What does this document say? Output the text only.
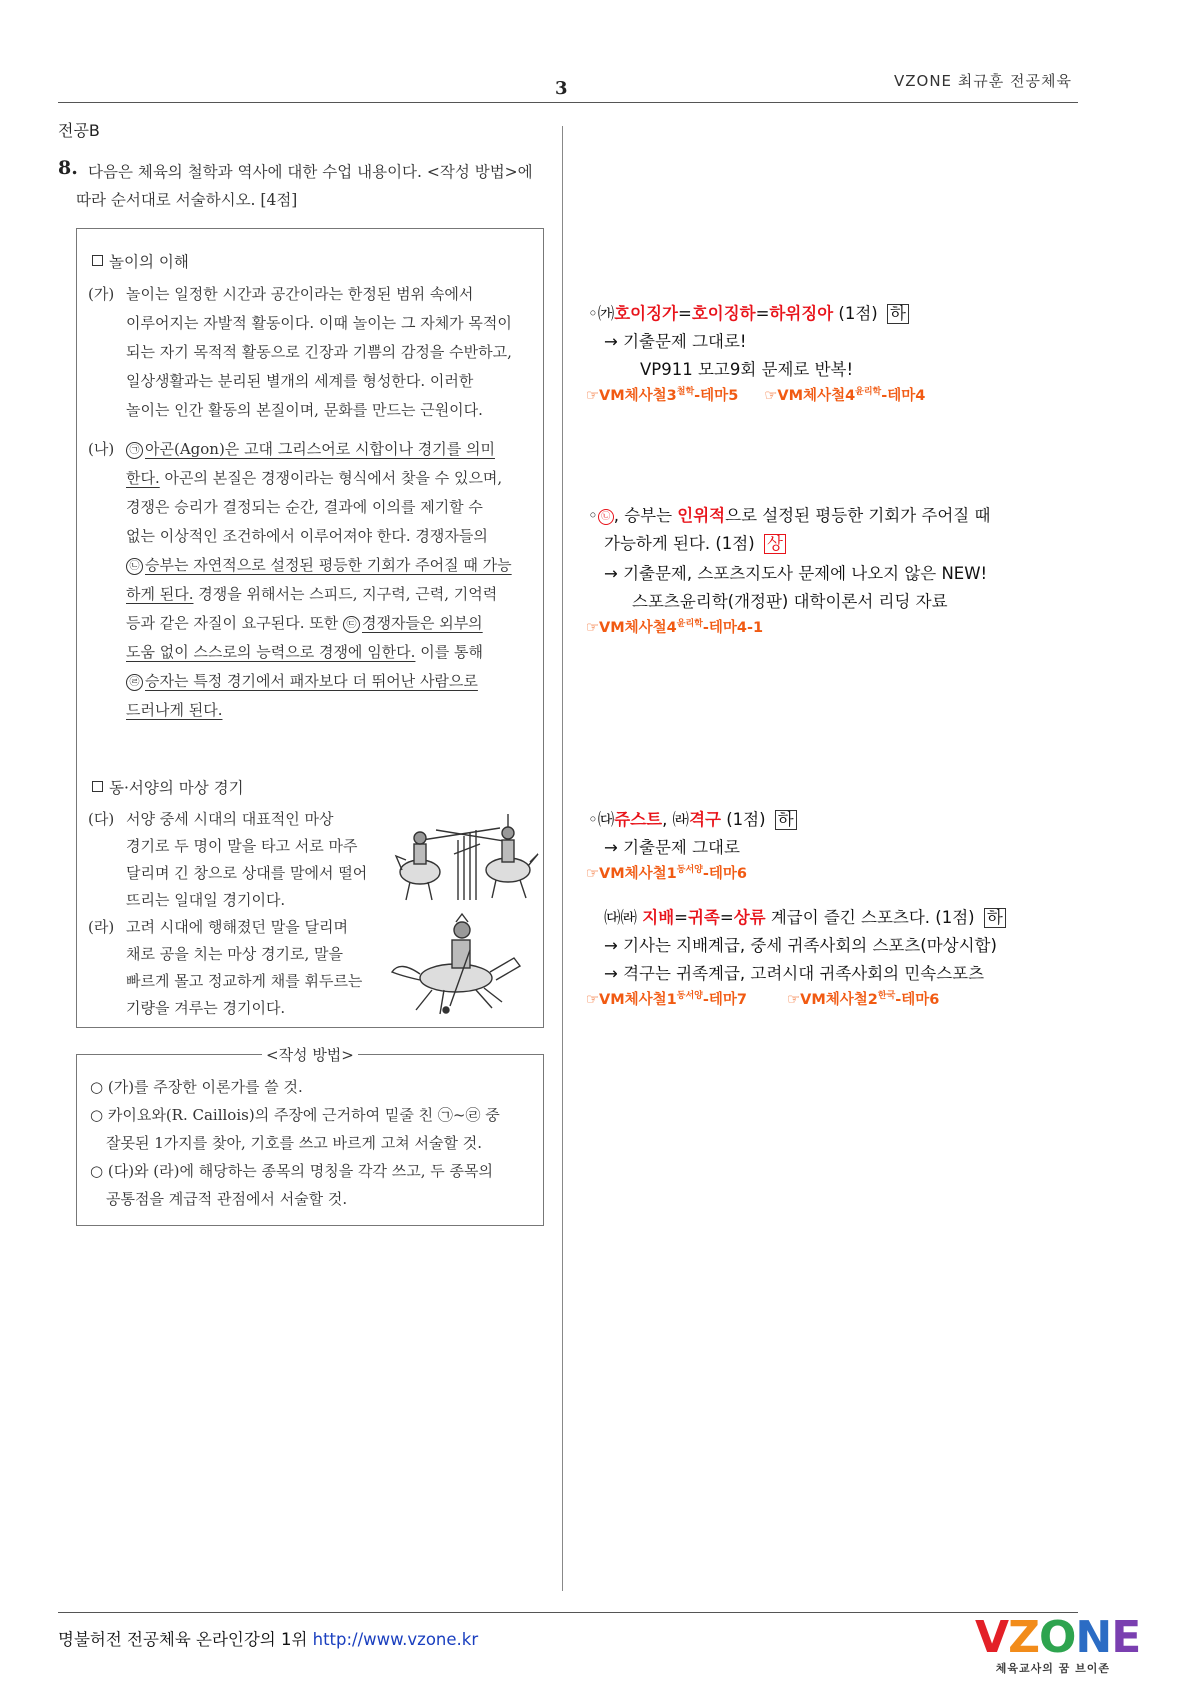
3	VZONE 최규훈 전공체육
전공B
8. 다음은 체육의 철학과 역사에 대한 수업 내용이다. <작성 방법>에
따라 순서대로 서술하시오. [4점]
놀이의 이해
(가) 놀이는 일정한 시간과 공간이라는 한정된 범위 속에서
이루어지는 자발적 활동이다. 이때 놀이는 그 자체가 목적이
되는 자기 목적적 활동으로 긴장과 기쁨의 감정을 수반하고,
일상생활과는 분리된 별개의 세계를 형성한다. 이러한
놀이는 인간 활동의 본질이며, 문화를 만드는 근원이다.
(나) ㉠ 아곤(Agon)은 고대 그리스어로 시합이나 경기를 의미
한다. 아곤의 본질은 경쟁이라는 형식에서 찾을 수 있으며,
경쟁은 승리가 결정되는 순간, 결과에 이의를 제기할 수
없는 이상적인 조건하에서 이루어져야 한다. 경쟁자들의
㉡ 승부는 자연적으로 설정된 평등한 기회가 주어질 때 가능
하게 된다. 경쟁을 위해서는 스피드, 지구력, 근력, 기억력
등과 같은 자질이 요구된다. 또한 ㉢ 경쟁자들은 외부의
도움 없이 스스로의 능력으로 경쟁에 임한다. 이를 통해
㉣ 승자는 특정 경기에서 패자보다 더 뛰어난 사람으로
드러나게 된다.
동·서양의 마상 경기
(다) 서양 중세 시대의 대표적인 마상
경기로 두 명이 말을 타고 서로 마주
달리며 긴 창으로 상대를 말에서 떨어
뜨리는 일대일 경기이다.
(라) 고려 시대에 행해졌던 말을 달리며
채로 공을 치는 마상 경기로, 말을
빠르게 몰고 정교하게 채를 휘두르는
기량을 겨루는 경기이다.
<작성 방법>
○ (가)를 주장한 이론가를 쓸 것.
○ 카이요와(R. Caillois)의 주장에 근거하여 밑줄 친 ㉠~㉣ 중
잘못된 1가지를 찾아, 기호를 쓰고 바르게 고쳐 서술할 것.
○ (다)와 (라)에 해당하는 종목의 명칭을 각각 쓰고, 두 종목의
공통점을 계급적 관점에서 서술할 것.
◦㈎호이징가=호이징하=하위징아 (1점) 하
→ 기출문제 그대로!
VP911 모고9회 문제로 반복!
☞VM체사철$3^{철학}-$테마5 ☞VM체사철$4^{윤리학}-$테마4
◦ ㉡ , 승부는 인위적으로 설정된 평등한 기회가 주어질 때
가능하게 된다. (1점) 상
→ 기출문제, 스포츠지도사 문제에 나오지 않은 NEW!
스포츠윤리학(개정판) 대학이론서 리딩 자료
☞VM체사철$4^{윤리학}-$테마4-1
◦㈐쥬스트, ㈑격구 (1점) 하
→ 기출문제 그대로
☞VM체사철$1^{동서양}-$테마6
㈐㈑ 지배=귀족=상류 계급이 즐긴 스포츠다. (1점) 하
→ 기사는 지배계급, 중세 귀족사회의 스포츠(마상시합)
→ 격구는 귀족계급, 고려시대 귀족사회의 민속스포츠
☞VM체사철$1^{동서양}-$테마7	☞VM체사철$2^{한국}-$테마6
명불허전 전공체육 온라인강의 1위 http://www.vzone.kr	VZONE
체육교사의 꿈 브이존
